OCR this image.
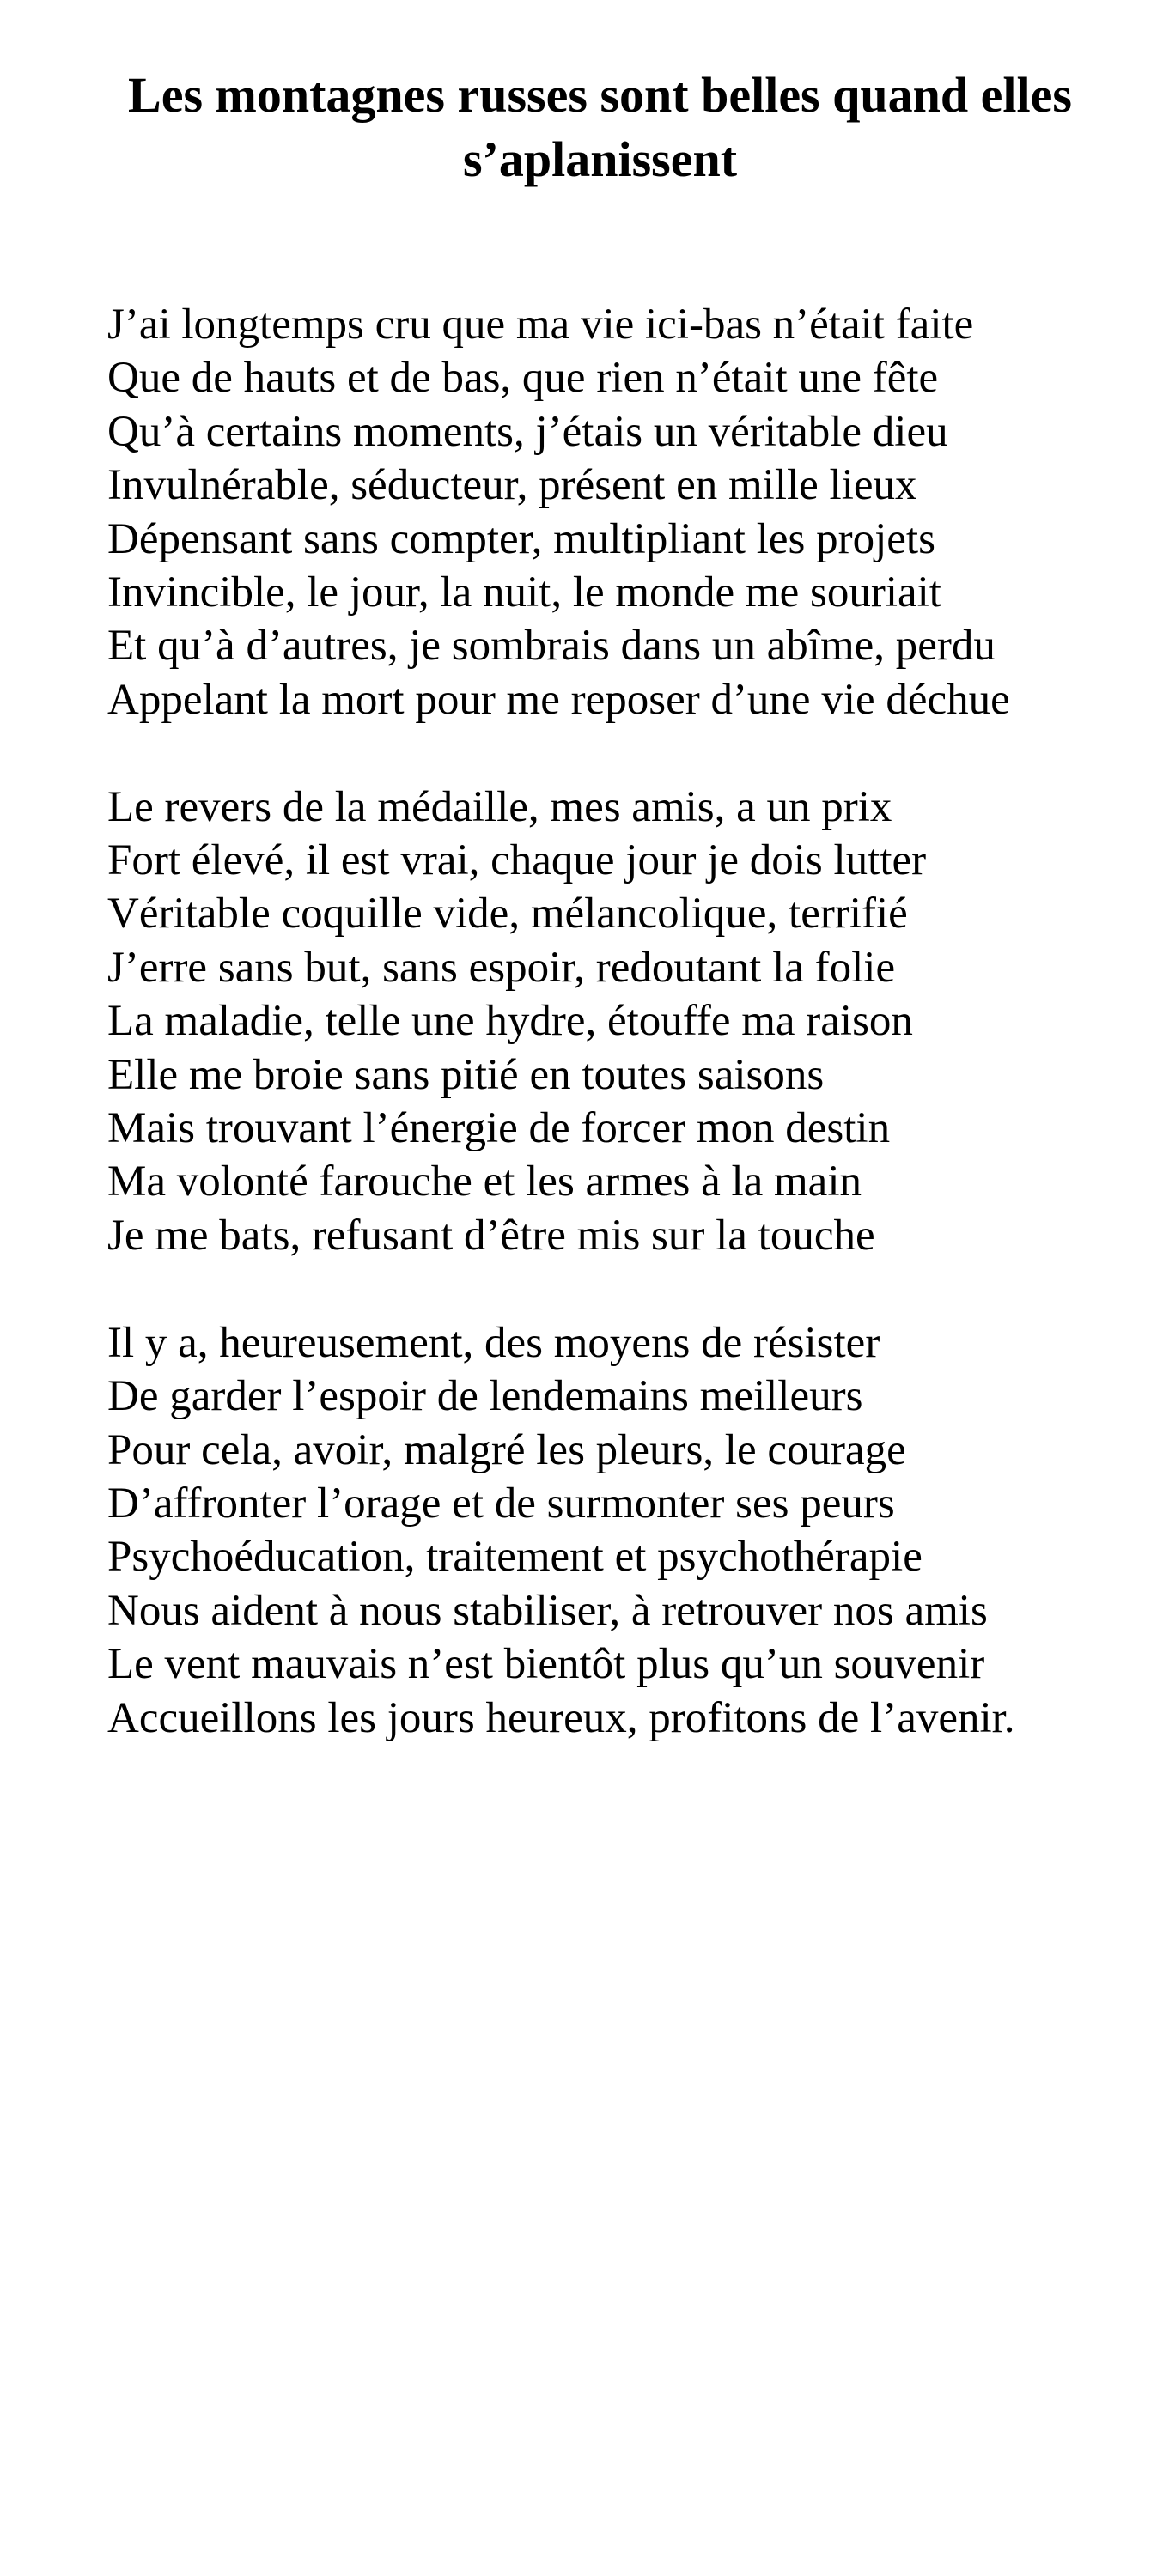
Les montagnes russes sont belles quand elles
s’aplanissent
J’ai longtemps cru que ma vie ici-bas n’était faite
Que de hauts et de bas, que rien n’était une fête
Qu’à certains moments, j’étais un véritable dieu
Invulnérable, séducteur, présent en mille lieux
Dépensant sans compter, multipliant les projets
Invincible, le jour, la nuit, le monde me souriait
Et qu’à d’autres, je sombrais dans un abîme, perdu
Appelant la mort pour me reposer d’une vie déchue
Le revers de la médaille, mes amis, a un prix
Fort élevé, il est vrai, chaque jour je dois lutter
Véritable coquille vide, mélancolique, terrifié
J’erre sans but, sans espoir, redoutant la folie
La maladie, telle une hydre, étouffe ma raison
Elle me broie sans pitié en toutes saisons
Mais trouvant l’énergie de forcer mon destin
Ma volonté farouche et les armes à la main
Je me bats, refusant d’être mis sur la touche
Il y a, heureusement, des moyens de résister
De garder l’espoir de lendemains meilleurs
Pour cela, avoir, malgré les pleurs, le courage
D’affronter l’orage et de surmonter ses peurs
Psychoéducation, traitement et psychothérapie
Nous aident à nous stabiliser, à retrouver nos amis
Le vent mauvais n’est bientôt plus qu’un souvenir
Accueillons les jours heureux, profitons de l’avenir.
